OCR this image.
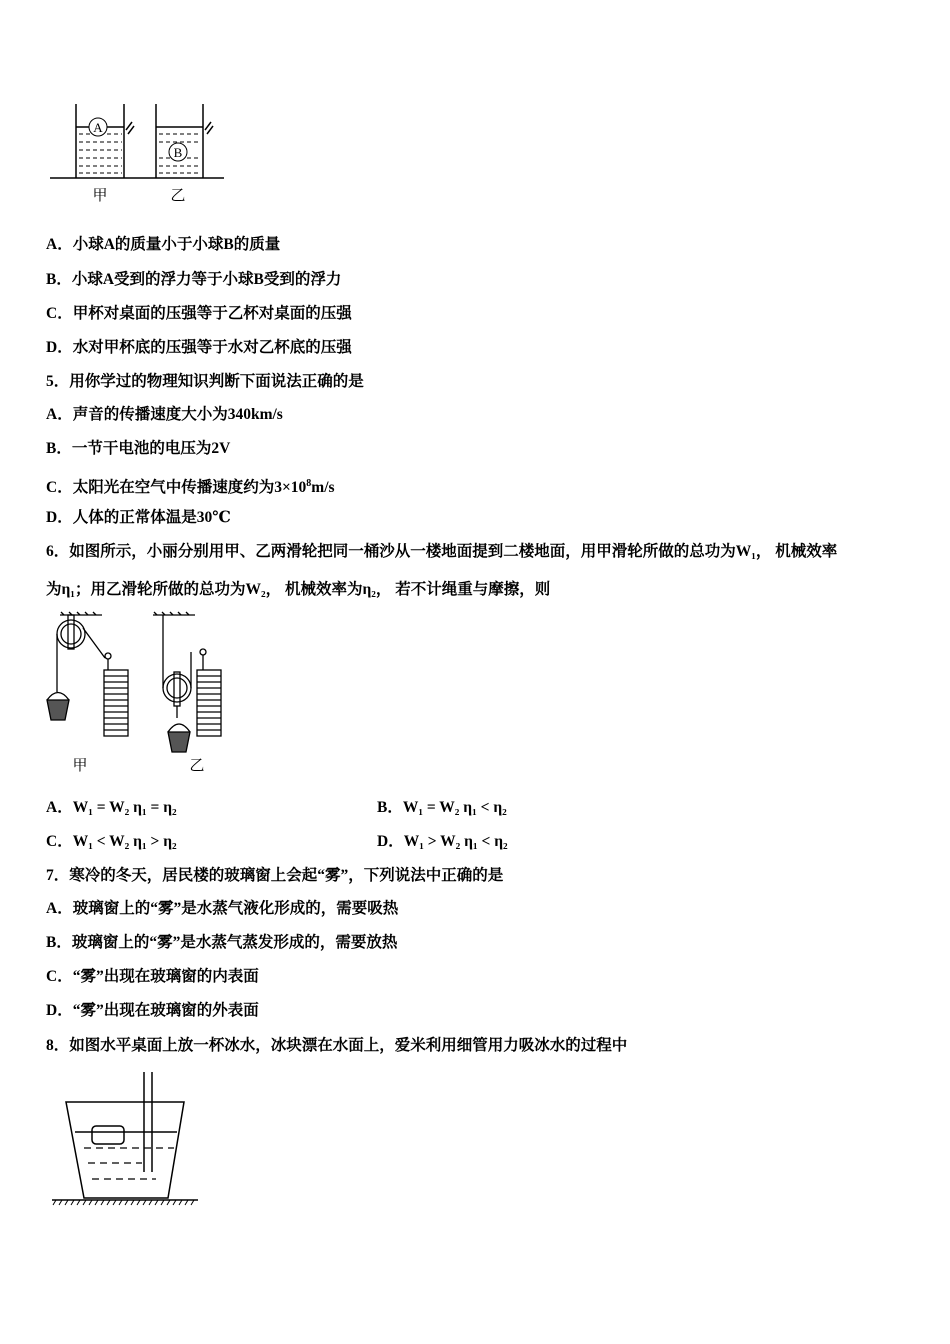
A
B
甲	乙
A．小球A的质量小于小球B的质量
B．小球A受到的浮力等于小球B受到的浮力
C．甲杯对桌面的压强等于乙杯对桌面的压强
D．水对甲杯底的压强等于水对乙杯底的压强
5．用你学过的物理知识判断下面说法正确的是
A．声音的传播速度大小为340km/s
B．一节干电池的电压为2V
C．太阳光在空气中传播速度约为$3\times 10^8m/s$
D．人体的正常体温是30℃
6．如图所示，小丽分别用甲、乙两滑轮把同一桶沙从一楼地面提到二楼地面，用甲滑轮所做的总功为W₁， 机械效率
为η₁；用乙滑轮所做的总功为W₂， 机械效率为η₂， 若不计绳重与摩擦，则
甲	乙
A．W₁ = W₂ η₁ = η₂	B．W₁ = W₂ η₁ < η₂
C．W₁ < W₂ η₁ > η₂	D．W₁ > W₂ η₁ < η₂
7．寒冷的冬天，居民楼的玻璃窗上会起“雾”，下列说法中正确的是
A．玻璃窗上的“雾”是水蒸气液化形成的，需要吸热
B．玻璃窗上的“雾”是水蒸气蒸发形成的，需要放热
C．“雾”出现在玻璃窗的内表面
D．“雾”出现在玻璃窗的外表面
8．如图水平桌面上放一杯冰水，冰块漂在水面上，爱米利用细管用力吸冰水的过程中
